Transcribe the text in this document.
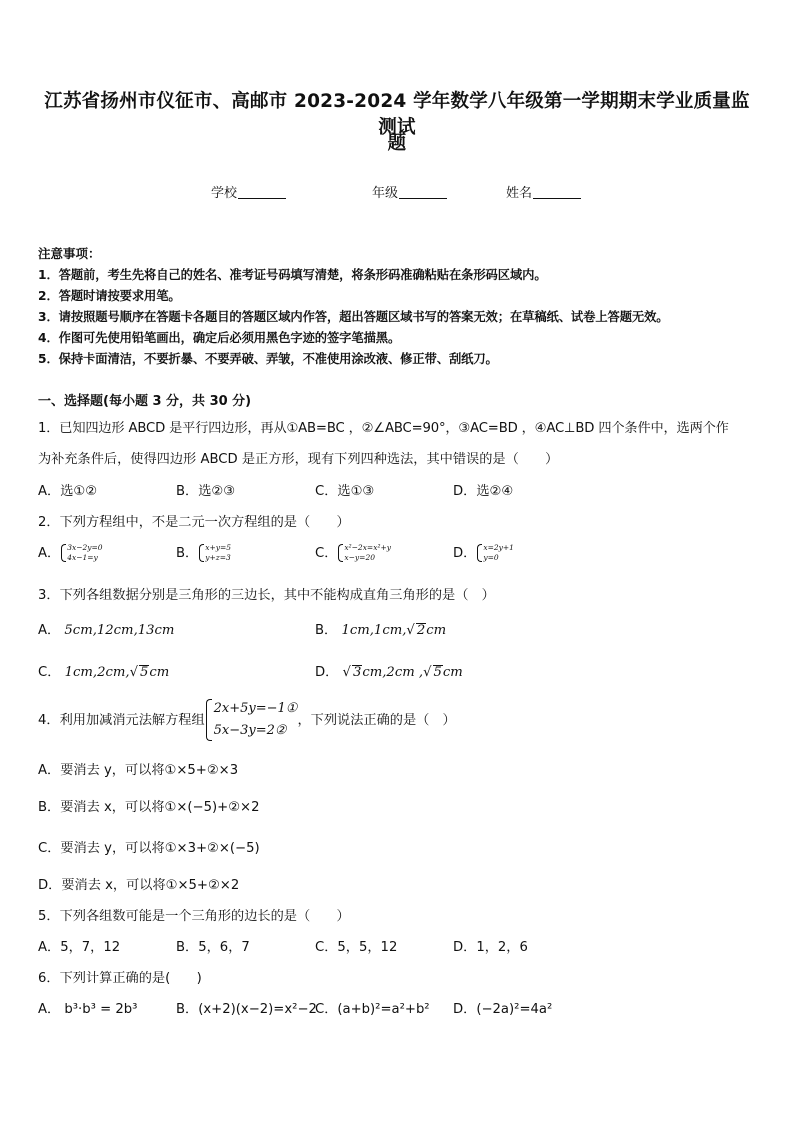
江苏省扬州市仪征市、高邮市 2023-2024 学年数学八年级第一学期期末学业质量监测试
题
学校	年级	姓名
注意事项：
1．答题前，考生先将自己的姓名、准考证号码填写清楚，将条形码准确粘贴在条形码区域内。
2．答题时请按要求用笔。
3．请按照题号顺序在答题卡各题目的答题区域内作答，超出答题区域书写的答案无效；在草稿纸、试卷上答题无效。
4．作图可先使用铅笔画出，确定后必须用黑色字迹的签字笔描黑。
5．保持卡面清洁，不要折暴、不要弄破、弄皱，不准使用涂改液、修正带、刮纸刀。
一、选择题(每小题 3 分，共 30 分)
1．已知四边形 ABCD 是平行四边形，再从①AB=BC ，②∠ABC=90°，③AC=BD ，④AC⊥BD 四个条件中，选两个作
为补充条件后，使得四边形 ABCD 是正方形，现有下列四种选法，其中错误的是（　　）
A．选①②	B．选②③	C．选①③	D．选②④
2．下列方程组中，不是二元一次方程组的是（　　）
A． 3x−2y=0
4x−1=y	B． x+y=5
y+z=3	C． x²−2x=x²+y
x−y=20	D． x=2y+1
y=0
3．下列各组数据分别是三角形的三边长，其中不能构成直角三角形的是（　）
A． 5cm,12cm,13cm	B． 1cm,1cm,√ 2cm
C． 1cm,2cm,√ 5cm	D． √ 3cm,2cm ,√ 5cm
4．利用加减消元法解方程组2x+5y=−1①
5x−3y=2②，下列说法正确的是（　）
A．要消去 y，可以将①×5+②×3
B．要消去 x，可以将①×(−5)+②×2
C．要消去 y，可以将①×3+②×(−5)
D．要消去 x，可以将①×5+②×2
5．下列各组数可能是一个三角形的边长的是（　　）
A．5，7，12	B．5，6，7	C．5，5，12	D．1，2，6
6．下列计算正确的是(　　)
A． b³·b³ = 2b³	B．(x+2)(x−2)=x²−2
C．(a+b)²=a²+b² D．(−2a)²=4a²
